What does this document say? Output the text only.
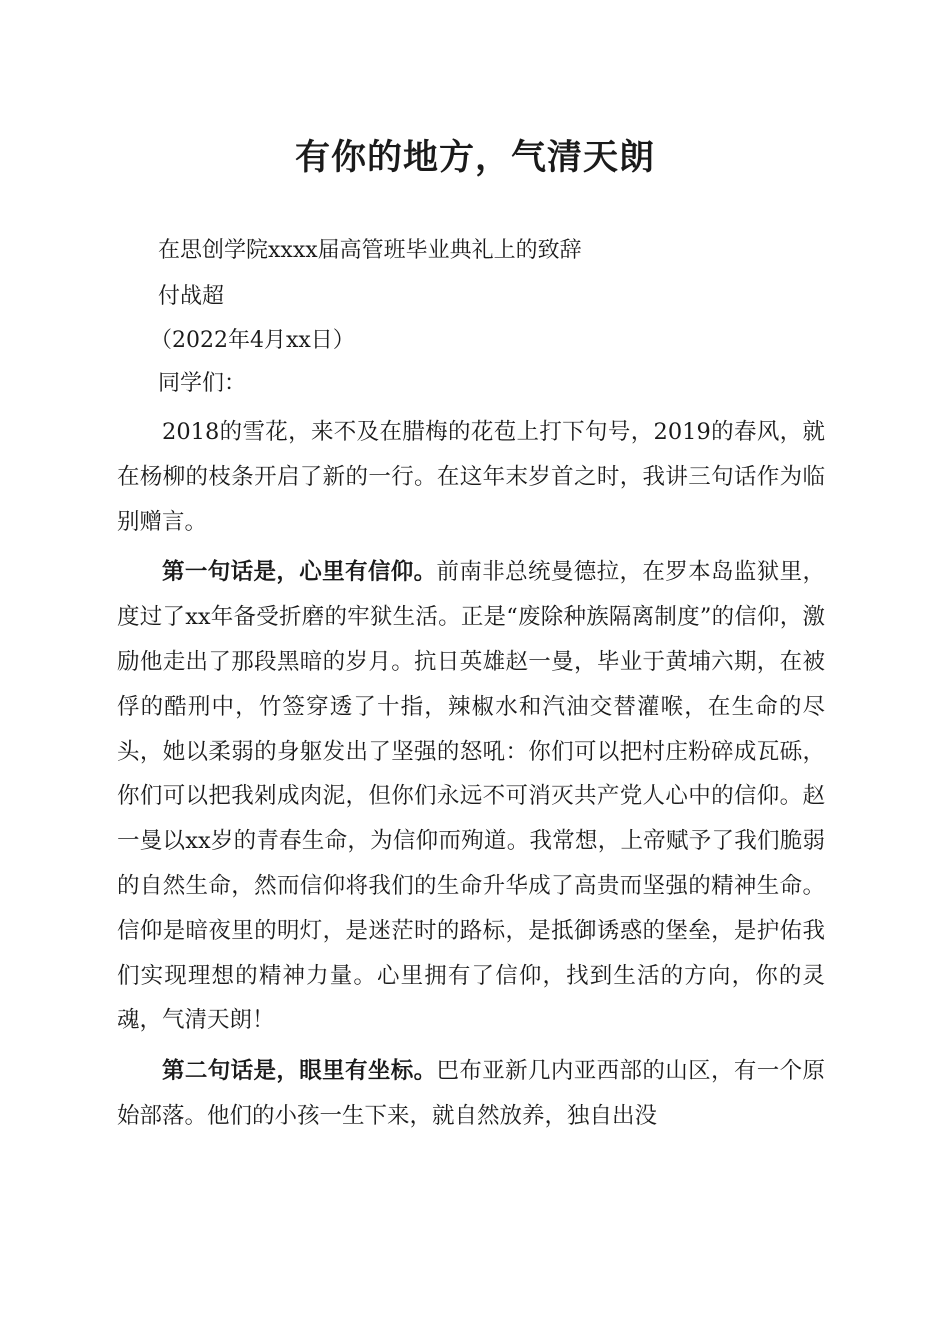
有你的地方，气清天朗
在思创学院xxxx届高管班毕业典礼上的致辞
付战超
（2022年4月xx日）
同学们：

2018的雪花，来不及在腊梅的花苞上打下句号，2019的春风，就在杨柳的枝条开启了新的一行。在这年末岁首之时，我讲三句话作为临别赠言。

第一句话是，心里有信仰。前南非总统曼德拉，在罗本岛监狱里，度过了xx年备受折磨的牢狱生活。正是“废除种族隔离制度”的信仰，激励他走出了那段黑暗的岁月。抗日英雄赵一曼，毕业于黄埔六期，在被俘的酷刑中，竹签穿透了十指，辣椒水和汽油交替灌喉，在生命的尽头，她以柔弱的身躯发出了坚强的怒吼：你们可以把村庄粉碎成瓦砾，你们可以把我剁成肉泥，但你们永远不可消灭共产党人心中的信仰。赵一曼以xx岁的青春生命，为信仰而殉道。我常想，上帝赋予了我们脆弱的自然生命，然而信仰将我们的生命升华成了高贵而坚强的精神生命。信仰是暗夜里的明灯，是迷茫时的路标，是抵御诱惑的堡垒，是护佑我们实现理想的精神力量。心里拥有了信仰，找到生活的方向，你的灵魂，气清天朗！

第二句话是，眼里有坐标。巴布亚新几内亚西部的山区，有一个原始部落。他们的小孩一生下来，就自然放养，独自出没
